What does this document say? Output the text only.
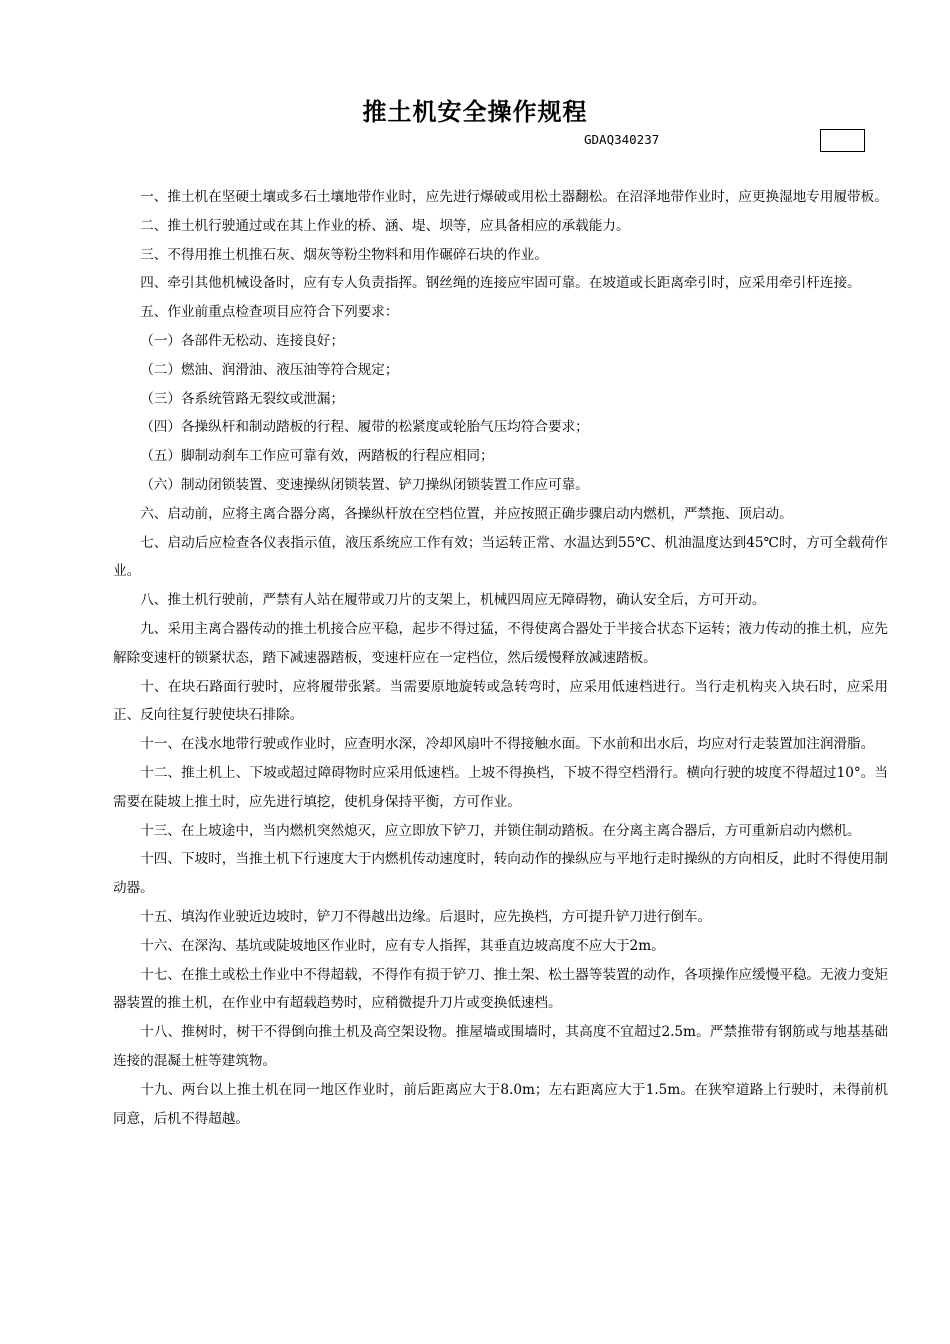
推土机安全操作规程
GDAQ340237

一、推土机在坚硬土壤或多石土壤地带作业时，应先进行爆破或用松土器翻松。在沼泽地带作业时，应更换湿地专用履带板。

二、推土机行驶通过或在其上作业的桥、涵、堤、坝等，应具备相应的承载能力。

三、不得用推土机推石灰、烟灰等粉尘物料和用作碾碎石块的作业。

四、牵引其他机械设备时，应有专人负责指挥。钢丝绳的连接应牢固可靠。在坡道或长距离牵引时，应采用牵引杆连接。

五、作业前重点检查项目应符合下列要求：

（一）各部件无松动、连接良好；

（二）燃油、润滑油、液压油等符合规定；

（三）各系统管路无裂纹或泄漏；

（四）各操纵杆和制动踏板的行程、履带的松紧度或轮胎气压均符合要求；

（五）脚制动刹车工作应可靠有效，两踏板的行程应相同；

（六）制动闭锁装置、变速操纵闭锁装置、铲刀操纵闭锁装置工作应可靠。

六、启动前，应将主离合器分离，各操纵杆放在空档位置，并应按照正确步骤启动内燃机，严禁拖、顶启动。

七、启动后应检查各仪表指示值，液压系统应工作有效；当运转正常、水温达到55℃、机油温度达到45℃时，方可全载荷作业。

八、推土机行驶前，严禁有人站在履带或刀片的支架上，机械四周应无障碍物，确认安全后，方可开动。

九、采用主离合器传动的推土机接合应平稳，起步不得过猛，不得使离合器处于半接合状态下运转；液力传动的推土机，应先解除变速杆的锁紧状态，踏下减速器踏板，变速杆应在一定档位，然后缓慢释放减速踏板。

十、在块石路面行驶时，应将履带张紧。当需要原地旋转或急转弯时，应采用低速档进行。当行走机构夹入块石时，应采用正、反向往复行驶使块石排除。

十一、在浅水地带行驶或作业时，应查明水深，冷却风扇叶不得接触水面。下水前和出水后，均应对行走装置加注润滑脂。

十二、推土机上、下坡或超过障碍物时应采用低速档。上坡不得换档，下坡不得空档滑行。横向行驶的坡度不得超过10°。当需要在陡坡上推土时，应先进行填挖，使机身保持平衡，方可作业。

十三、在上坡途中，当内燃机突然熄灭，应立即放下铲刀，并锁住制动踏板。在分离主离合器后，方可重新启动内燃机。

十四、下坡时，当推土机下行速度大于内燃机传动速度时，转向动作的操纵应与平地行走时操纵的方向相反，此时不得使用制动器。

十五、填沟作业驶近边坡时，铲刀不得越出边缘。后退时，应先换档，方可提升铲刀进行倒车。

十六、在深沟、基坑或陡坡地区作业时，应有专人指挥，其垂直边坡高度不应大于2m。

十七、在推土或松土作业中不得超载，不得作有损于铲刀、推土架、松土器等装置的动作，各项操作应缓慢平稳。无液力变矩器装置的推土机，在作业中有超载趋势时，应稍微提升刀片或变换低速档。

十八、推树时，树干不得倒向推土机及高空架设物。推屋墙或围墙时，其高度不宜超过2.5m。严禁推带有钢筋或与地基基础连接的混凝土桩等建筑物。

十九、两台以上推土机在同一地区作业时，前后距离应大于8.0m；左右距离应大于1.5m。在狭窄道路上行驶时，未得前机同意，后机不得超越。
